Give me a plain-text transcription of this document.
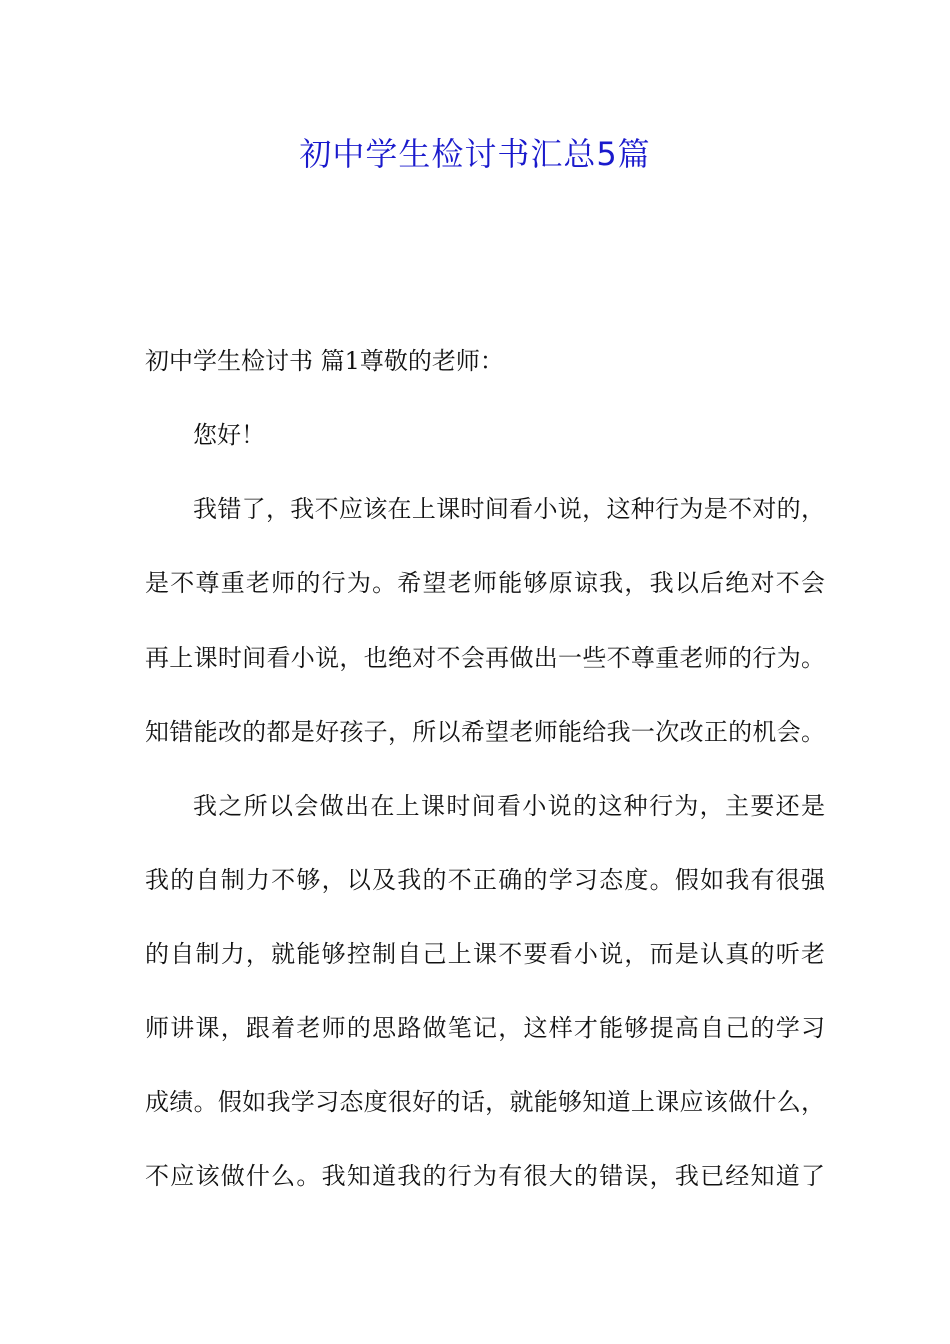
初中学生检讨书汇总5篇
初中学生检讨书 篇1尊敬的老师：
您好！
我错了，我不应该在上课时间看小说，这种行为是不对的，
是不尊重老师的行为。希望老师能够原谅我，我以后绝对不会
再上课时间看小说，也绝对不会再做出一些不尊重老师的行为。
知错能改的都是好孩子，所以希望老师能给我一次改正的机会。
我之所以会做出在上课时间看小说的这种行为，主要还是
我的自制力不够，以及我的不正确的学习态度。假如我有很强
的自制力，就能够控制自己上课不要看小说，而是认真的听老
师讲课，跟着老师的思路做笔记，这样才能够提高自己的学习
成绩。假如我学习态度很好的话，就能够知道上课应该做什么，
不应该做什么。我知道我的行为有很大的错误，我已经知道了
